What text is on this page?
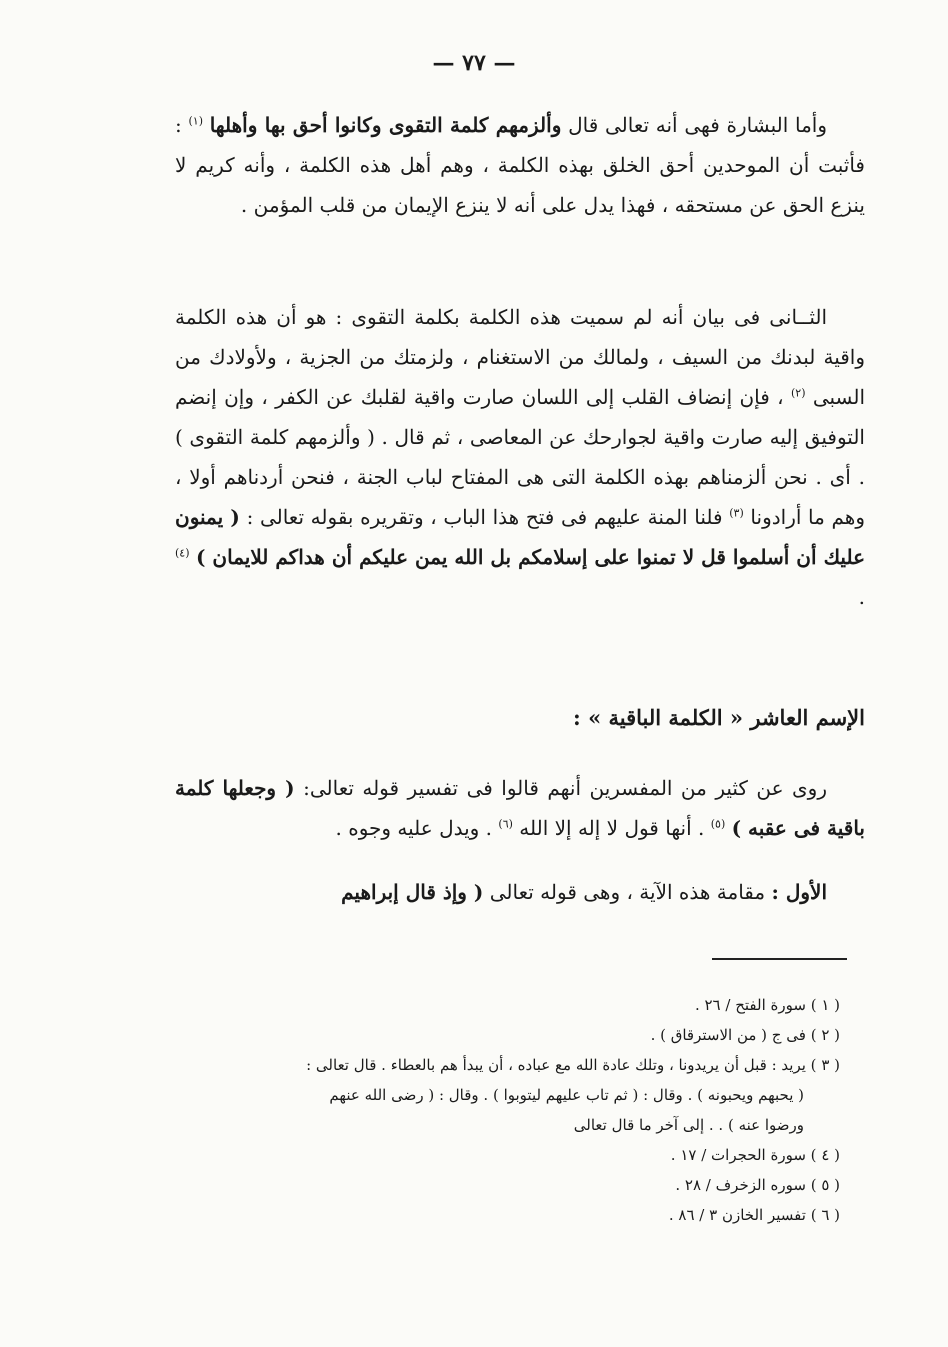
— ٧٧ —

وأما البشارة فهى أنه تعالى قال وألزمهم كلمة التقوى وكانوا أحق بها وأهلها $^{(١)}$ : فأثبت أن الموحدين أحق الخلق بهذه الكلمة ، وهم أهل هذه الكلمة ، وأنه كريم لا ينزع الحق عن مستحقه ، فهذا يدل على أنه لا ينزع الإيمان من قلب المؤمن .

الثــانى فى بيان أنه لم سميت هذه الكلمة بكلمة التقوى : هو أن هذه الكلمة واقية لبدنك من السيف ، ولمالك من الاستغنام ، ولزمتك من الجزية ، ولأولادك من السبى $^{(٢)}$ ، فإن إنضاف القلب إلى اللسان صارت واقية لقلبك عن الكفر ، وإن إنضم التوفيق إليه صارت واقية لجوارحك عن المعاصى ، ثم قال . ( وألزمهم كلمة التقوى ) . أى . نحن ألزمناهم بهذه الكلمة التى هى المفتاح لباب الجنة ، فنحن أردناهم أولا ، وهم ما أرادونا $^{(٣)}$ فلنا المنة عليهم فى فتح هذا الباب ، وتقريره بقوله تعالى : ( يمنون عليك أن أسلموا قل لا تمنوا على إسلامكم بل الله يمن عليكم أن هداكم للايمان ) $^{(٤)}$ .

الإسم العاشر « الكلمة الباقية » :

روى عن كثير من المفسرين أنهم قالوا فى تفسير قوله تعالى: ( وجعلها كلمة باقية فى عقبه ) $^{(٥)}$ . أنها قول لا إله إلا الله $^{(٦)}$ . ويدل عليه وجوه .

الأول : مقامة هذه الآية ، وهى قوله تعالى ( وإذ قال إبراهيم

( ١ ) سورة الفتح / ٢٦ .

( ٢ ) فى ج ( من الاسترقاق ) .

( ٣ ) يريد : قبل أن يريدونا ، وتلك عادة الله مع عباده ، أن يبدأ هم بالعطاء . قال تعالى :

( يحبهم ويحبونه ) . وقال : ( ثم تاب عليهم ليتوبوا ) . وقال : ( رضى الله عنهم

ورضوا عنه ) . . إلى آخر ما قال تعالى

( ٤ ) سورة الحجرات / ١٧ .

( ٥ ) سوره الزخرف / ٢٨ .

( ٦ ) تفسير الخازن ٣ / ٨٦ .
